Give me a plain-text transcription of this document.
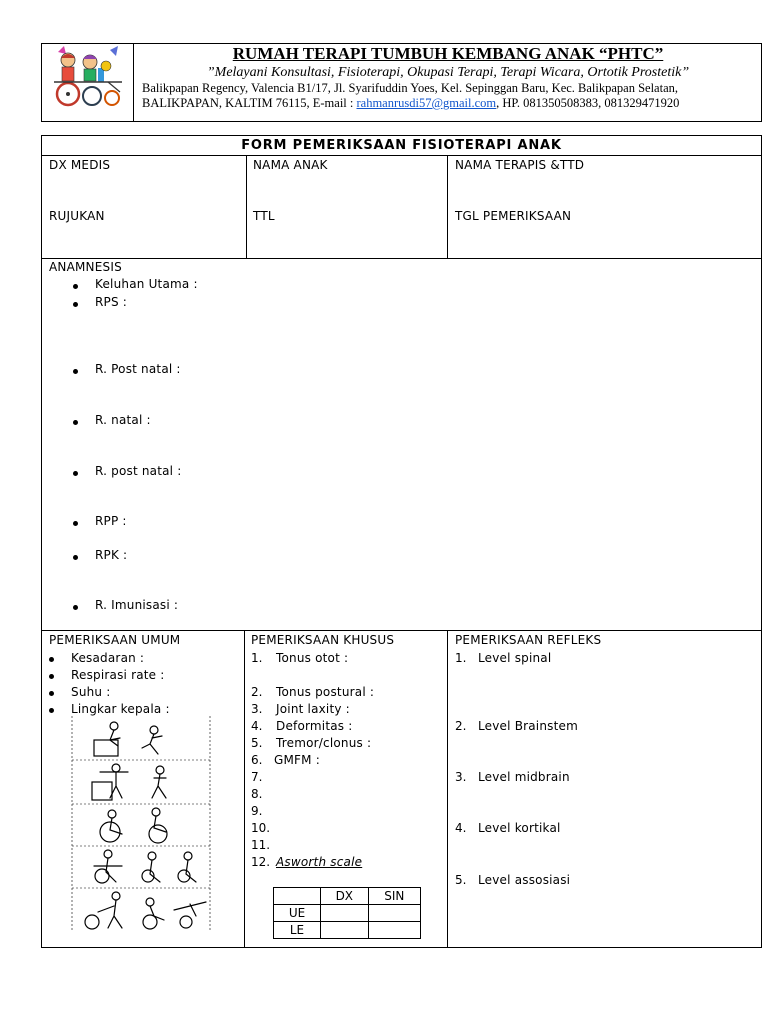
RUMAH TERAPI TUMBUH KEMBANG ANAK “PHTC”
”Melayani Konsultasi, Fisioterapi, Okupasi Terapi, Terapi Wicara, Ortotik Prostetik”
Balikpapan Regency, Valencia B1/17, Jl. Syarifuddin Yoes, Kel. Sepinggan Baru, Kec. Balikpapan Selatan,
BALIKPAPAN, KALTIM 76115, E-mail : rahmanrusdi57@gmail.com, HP. 081350508383, 081329471920
FORM PEMERIKSAAN FISIOTERAPI ANAK
DX MEDIS	NAMA ANAK	NAMA TERAPIS &TTD
RUJUKAN	TTL	TGL PEMERIKSAAN
ANAMNESIS
Keluhan Utama :
RPS :
R. Post natal :
R. natal :
R. post natal :
RPP :
RPK :
R. Imunisasi :
PEMERIKSAAN UMUM
Kesadaran :
Respirasi rate :
Suhu :
Lingkar kepala :
PEMERIKSAAN KHUSUS
1. Tonus otot :
2. Tonus postural :
3. Joint laxity :
4. Deformitas :
5. Tremor/clonus :
6. GMFM :
7.
8.
9.
10.
11.
12. Asworth scale
	DX	SIN
UE		
LE		
PEMERIKSAAN REFLEKS
1. Level spinal
2. Level Brainstem
3. Level midbrain
4. Level kortikal
5. Level assosiasi
